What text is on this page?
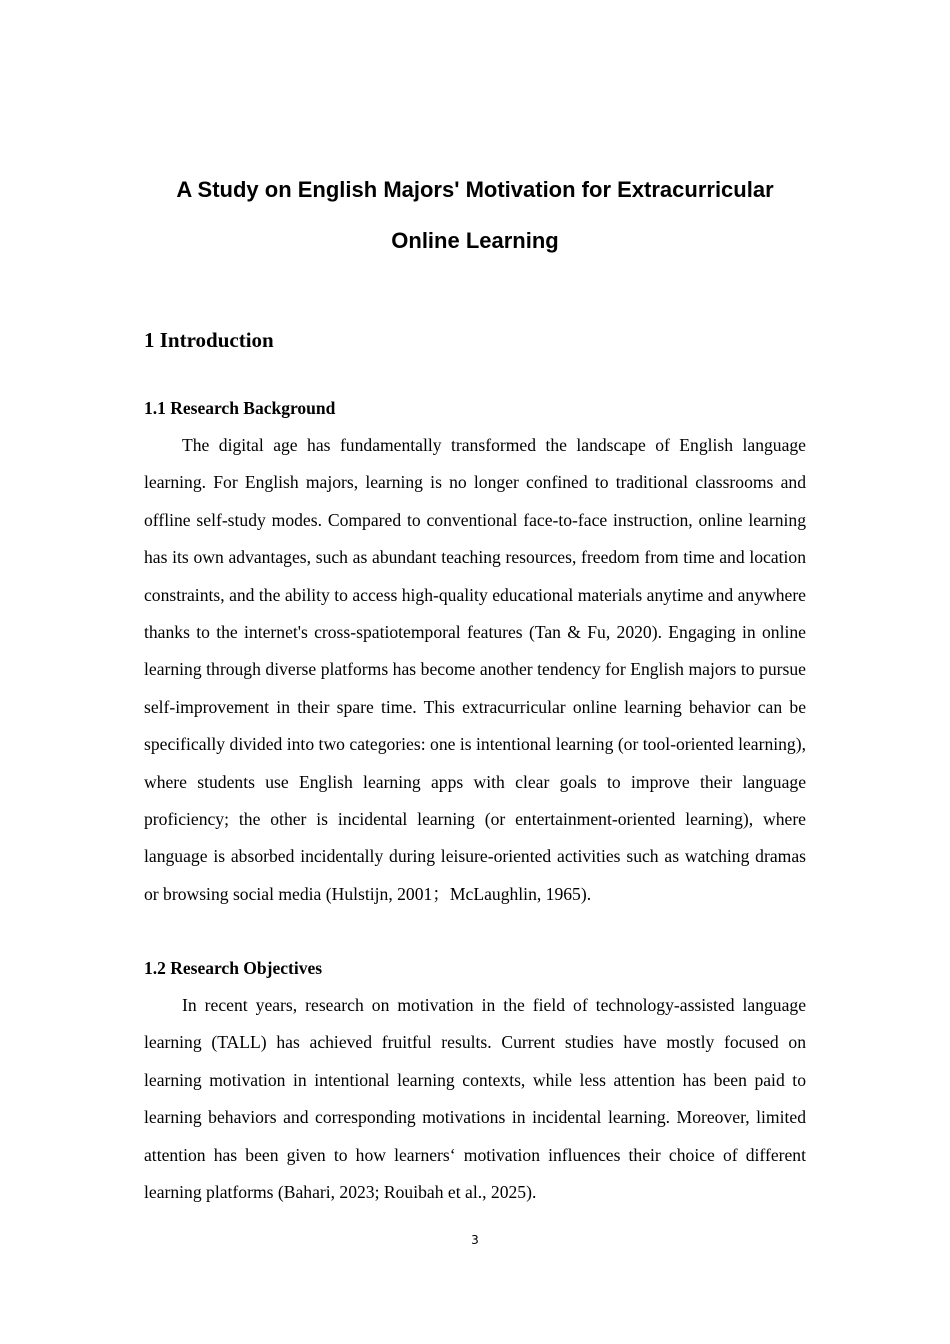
A Study on English Majors' Motivation for Extracurricular
Online Learning
1 Introduction
1.1 Research Background

The digital age has fundamentally transformed the landscape of English language learning. For English majors, learning is no longer confined to traditional classrooms and offline self-study modes. Compared to conventional face-to-face instruction, online learning has its own advantages, such as abundant teaching resources, freedom from time and location constraints, and the ability to access high-quality educational materials anytime and anywhere thanks to the internet's cross-spatiotemporal features (Tan & Fu, 2020). Engaging in online learning through diverse platforms has become another tendency for English majors to pursue self-improvement in their spare time. This extracurricular online learning behavior can be specifically divided into two categories: one is intentional learning (or tool-oriented learning), where students use English learning apps with clear goals to improve their language proficiency; the other is incidental learning (or entertainment-oriented learning), where language is absorbed incidentally during leisure-oriented activities such as watching dramas or browsing social media (Hulstijn, 2001；McLaughlin, 1965).

1.2 Research Objectives

In recent years, research on motivation in the field of technology-assisted language learning (TALL) has achieved fruitful results. Current studies have mostly focused on learning motivation in intentional learning contexts, while less attention has been paid to learning behaviors and corresponding motivations in incidental learning. Moreover, limited attention has been given to how learners‘ motivation influences their choice of different learning platforms (Bahari, 2023; Rouibah et al., 2025).

3
